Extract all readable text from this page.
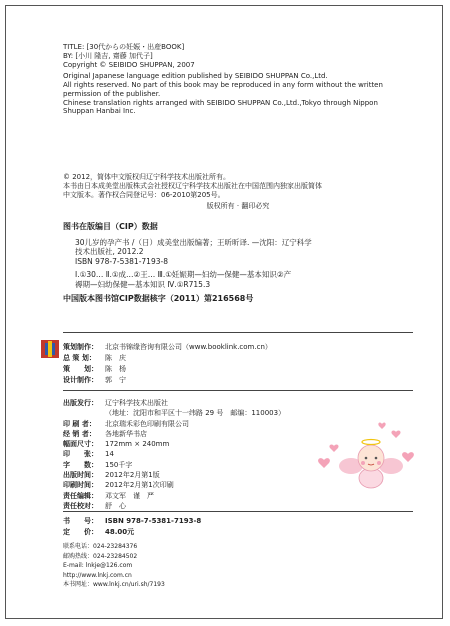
TITLE: [30代からの妊娠・出産BOOK]

BY: [小川 隆吉, 齋藤 加代子]

Copyright © SEIBIDO SHUPPAN, 2007

Original Japanese language edition published by SEIBIDO SHUPPAN Co.,Ltd.

All rights reserved. No part of this book may be reproduced in any form without the written

permission of the publisher.

Chinese translation rights arranged with SEIBIDO SHUPPAN Co.,Ltd.,Tokyo through Nippon

Shuppan Hanbai Inc.

© 2012，简体中文版权归辽宁科学技术出版社所有。

本书由日本成美堂出版株式会社授权辽宁科学技术出版社在中国范围内独家出版简体

中文版本。著作权合同登记号：06-2010第205号。

版权所有 · 翻印必究

图书在版编目（CIP）数据

30儿岁的孕产书 /（日）成美堂出版编著；王昕昕译. —沈阳：辽宁科学

技术出版社, 2012.2

ISBN 978-7-5381-7193-8

Ⅰ.①30… Ⅱ.①成…②王… Ⅲ.①妊娠期—妇幼—保健—基本知识②产

褥期—妇幼保健—基本知识 Ⅳ.①R715.3

中国版本图书馆CIP数据核字（2011）第216568号

策划制作：	北京书锦缘咨询有限公司（www.booklink.com.cn）
总 策 划：	陈　庆
策　　划：	陈　杨
设计制作：	郭　宁
出版发行：	辽宁科学技术出版社
（地址：沈阳市和平区十一纬路 29 号　邮编：110003）
印 刷 者：	北京瑞禾彩色印刷有限公司
经 销 者：	各地新华书店
幅面尺寸：	172mm × 240mm
印　　张：	14
字　　数：	150千字
出版时间：	2012年2月第1版
印刷时间：	2012年2月第1次印刷
责任编辑：	邓文军　谨　严
责任校对：	舒　心
书　　号：	ISBN 978-7-5381-7193-8
定　　价：	48.00元

联系电话：024-23284376

邮购热线：024-23284502

E-mail: lnkje@126.com

http://www.lnkj.com.cn

本书网址：www.lnkj.cn/uri.sh/7193
